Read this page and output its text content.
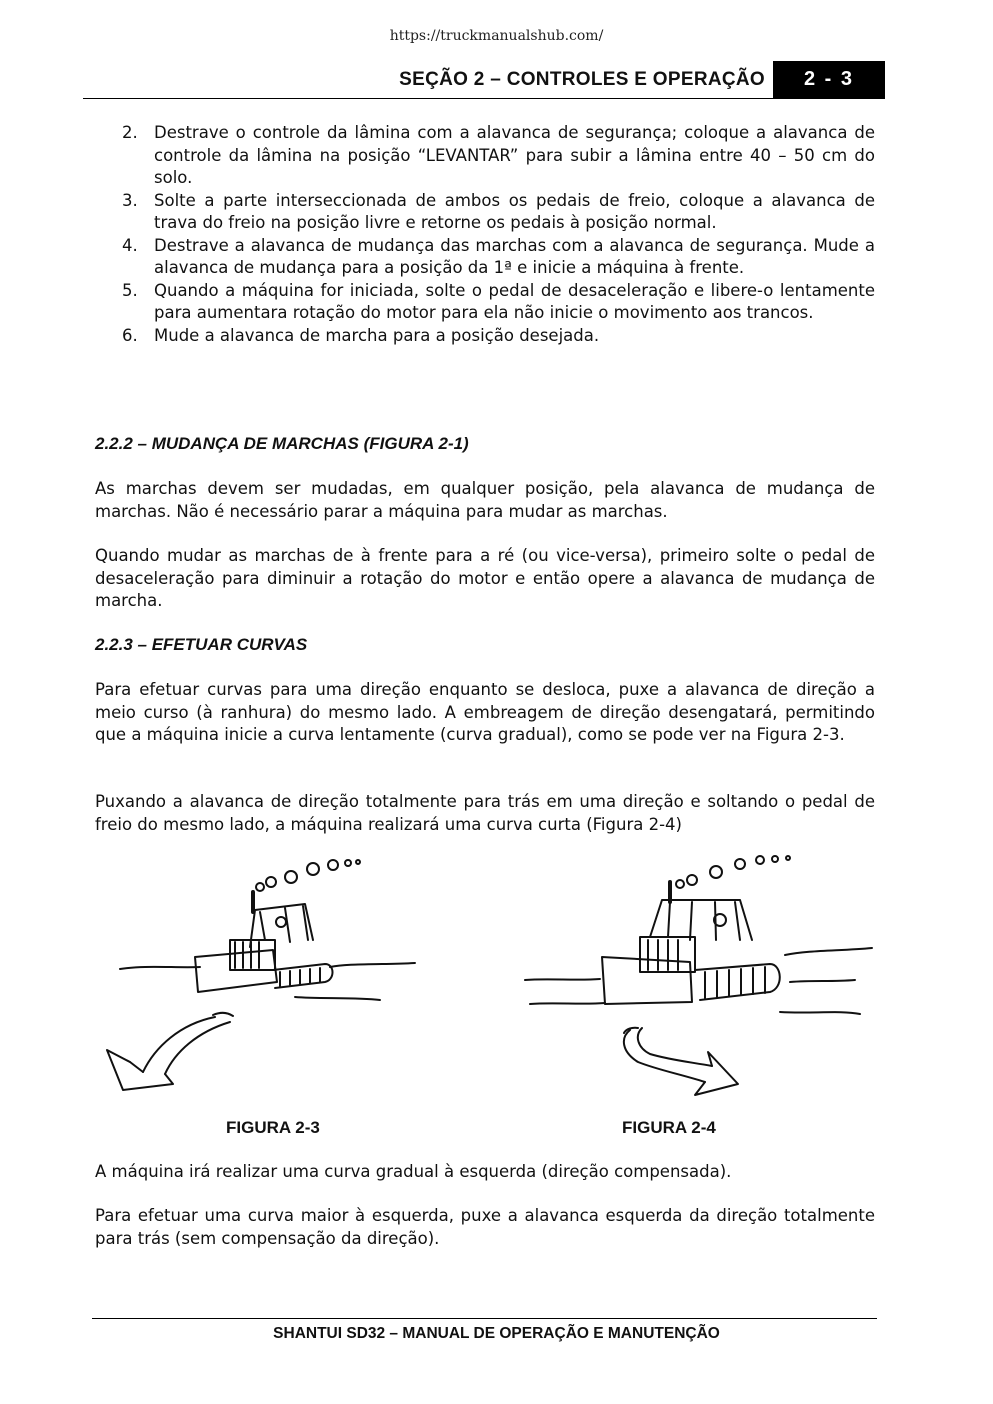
https://truckmanualshub.com/
SEÇÃO 2 – CONTROLES E OPERAÇÃO	2 - 3
2. Destrave o controle da lâmina com a alavanca de segurança; coloque a alavanca de controle da lâmina na posição “LEVANTAR” para subir a lâmina entre 40 – 50 cm do solo.
3. Solte a parte interseccionada de ambos os pedais de freio, coloque a alavanca de trava do freio na posição livre e retorne os pedais à posição normal.
4. Destrave a alavanca de mudança das marchas com a alavanca de segurança. Mude a alavanca de mudança para a posição da 1ª e inicie a máquina à frente.
5. Quando a máquina for iniciada, solte o pedal de desaceleração e libere-o lentamente para aumentara rotação do motor para ela não inicie o movimento aos trancos.
6. Mude a alavanca de marcha para a posição desejada.
2.2.2 – MUDANÇA DE MARCHAS (FIGURA 2-1)

As marchas devem ser mudadas, em qualquer posição, pela alavanca de mudança de marchas. Não é necessário parar a máquina para mudar as marchas.

Quando mudar as marchas de à frente para a ré (ou vice-versa), primeiro solte o pedal de desaceleração para diminuir a rotação do motor e então opere a alavanca de mudança de marcha.

2.2.3 – EFETUAR CURVAS

Para efetuar curvas para uma direção enquanto se desloca, puxe a alavanca de direção a meio curso (à ranhura) do mesmo lado. A embreagem de direção desengatará, permitindo que a máquina inicie a curva lentamente (curva gradual), como se pode ver na Figura 2-3.

Puxando a alavanca de direção totalmente para trás em uma direção e soltando o pedal de freio do mesmo lado, a máquina realizará uma curva curta (Figura 2-4)

FIGURA 2-3	FIGURA 2-4

A máquina irá realizar uma curva gradual à esquerda (direção compensada).

Para efetuar uma curva maior à esquerda, puxe a alavanca esquerda da direção totalmente para trás (sem compensação da direção).

SHANTUI SD32 – MANUAL DE OPERAÇÃO E MANUTENÇÃO
